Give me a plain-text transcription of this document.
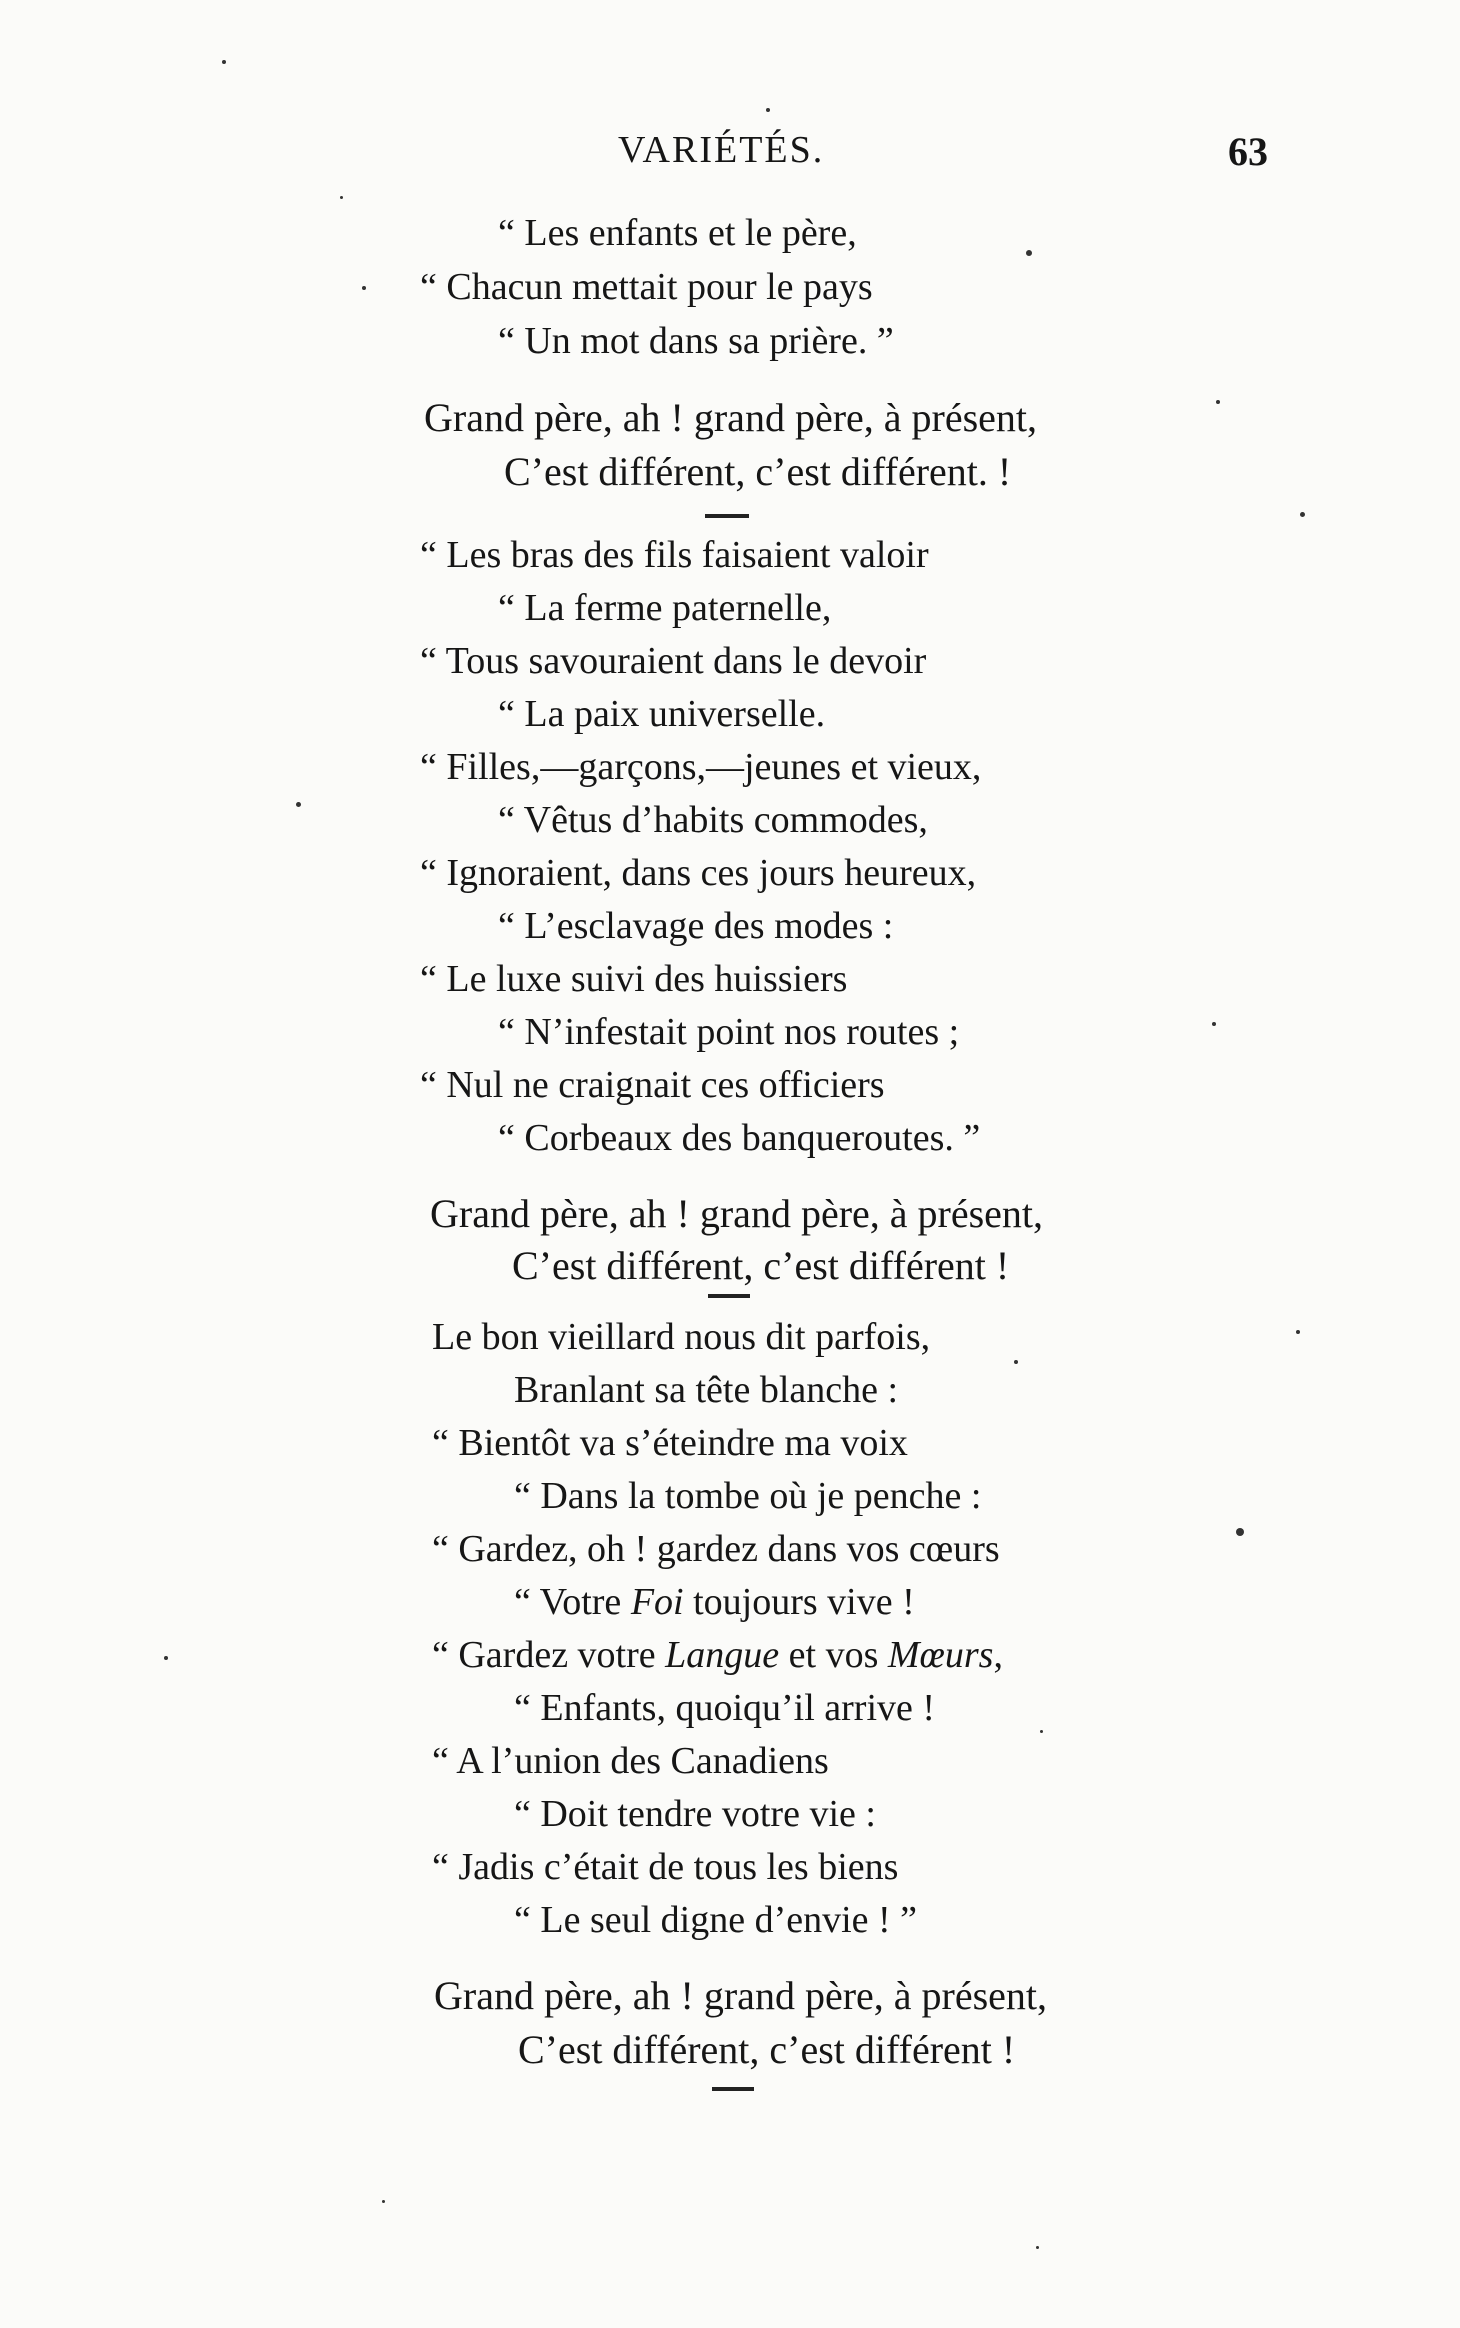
VARIÉTÉS.	63
“ Les enfants et le père,
“ Chacun mettait pour le pays
“ Un mot dans sa prière. ”
Grand père, ah ! grand père, à présent,
C’est différent, c’est différent. !
“ Les bras des fils faisaient valoir
“ La ferme paternelle,
“ Tous savouraient dans le devoir
“ La paix universelle.
“ Filles,—garçons,—jeunes et vieux,
“ Vêtus d’habits commodes,
“ Ignoraient, dans ces jours heureux,
“ L’esclavage des modes :
“ Le luxe suivi des huissiers
“ N’infestait point nos routes ;
“ Nul ne craignait ces officiers
“ Corbeaux des banqueroutes. ”
Grand père, ah ! grand père, à présent,
C’est différent, c’est différent !
Le bon vieillard nous dit parfois,
Branlant sa tête blanche :
“ Bientôt va s’éteindre ma voix
“ Dans la tombe où je penche :
“ Gardez, oh ! gardez dans vos cœurs
“ Votre Foi toujours vive !
“ Gardez votre Langue et vos Mœurs,
“ Enfants, quoiqu’il arrive !
“ A l’union des Canadiens
“ Doit tendre votre vie :
“ Jadis c’était de tous les biens
“ Le seul digne d’envie ! ”
Grand père, ah ! grand père, à présent,
C’est différent, c’est différent !
